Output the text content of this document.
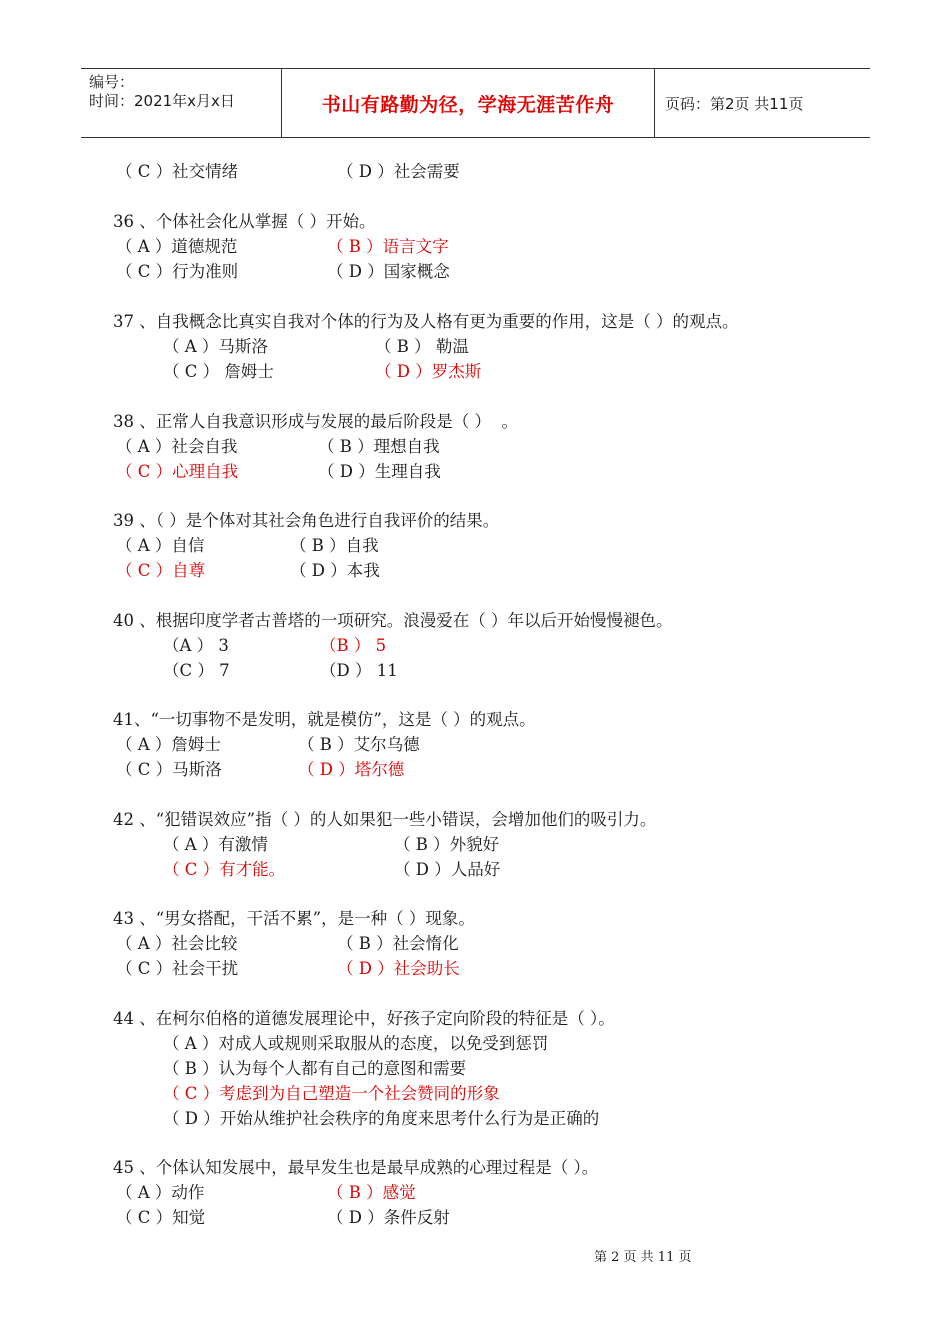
编号：
时间：2021年x月x日	书山有路勤为径，学海无涯苦作舟	页码：第2页 共11页
（ C ）社交情绪	（ D ）社会需要
36 、个体社会化从掌握（ ）开始。
（ A ）道德规范	（ B ）语言文字
（ C ）行为准则	（ D ）国家概念
37 、自我概念比真实自我对个体的行为及人格有更为重要的作用，这是（ ）的观点。
（ A ）马斯洛	（ B ） 勒温
（ C ） 詹姆士	（ D ）罗杰斯
38 、正常人自我意识形成与发展的最后阶段是（ ）  。
（ A ）社会自我	（ B ）理想自我
（ C ）心理自我	（ D ）生理自我
39 、（ ）是个体对其社会角色进行自我评价的结果。
（ A ）自信	（ B ）自我
（ C ）自尊	（ D ）本我
40 、根据印度学者古普塔的一项研究。浪漫爱在（ ）年以后开始慢慢褪色。
（A ） 3	（B ） 5
（C ） 7	（D ） 11
41、“一切事物不是发明，就是模仿”，这是（ ）的观点。
（ A ）詹姆士	（ B ）艾尔乌德
（ C ）马斯洛	（ D ）塔尔德
42 、“犯错误效应”指（ ）的人如果犯一些小错误，会增加他们的吸引力。
（ A ）有激情	（ B ）外貌好
（ C ）有才能。	（ D ）人品好
43 、“男女搭配，干活不累”，是一种（ ）现象。
（ A ）社会比较	（ B ）社会惰化
（ C ）社会干扰	（ D ）社会助长
44 、在柯尔伯格的道德发展理论中，好孩子定向阶段的特征是（ ）。
（ A ）对成人或规则采取服从的态度，以免受到惩罚
（ B ）认为每个人都有自己的意图和需要
（ C ）考虑到为自己塑造一个社会赞同的形象
（ D ）开始从维护社会秩序的角度来思考什么行为是正确的
45 、个体认知发展中，最早发生也是最早成熟的心理过程是（ ）。
（ A ）动作	（ B ）感觉
（ C ）知觉	（ D ）条件反射
第 2 页 共 11 页
